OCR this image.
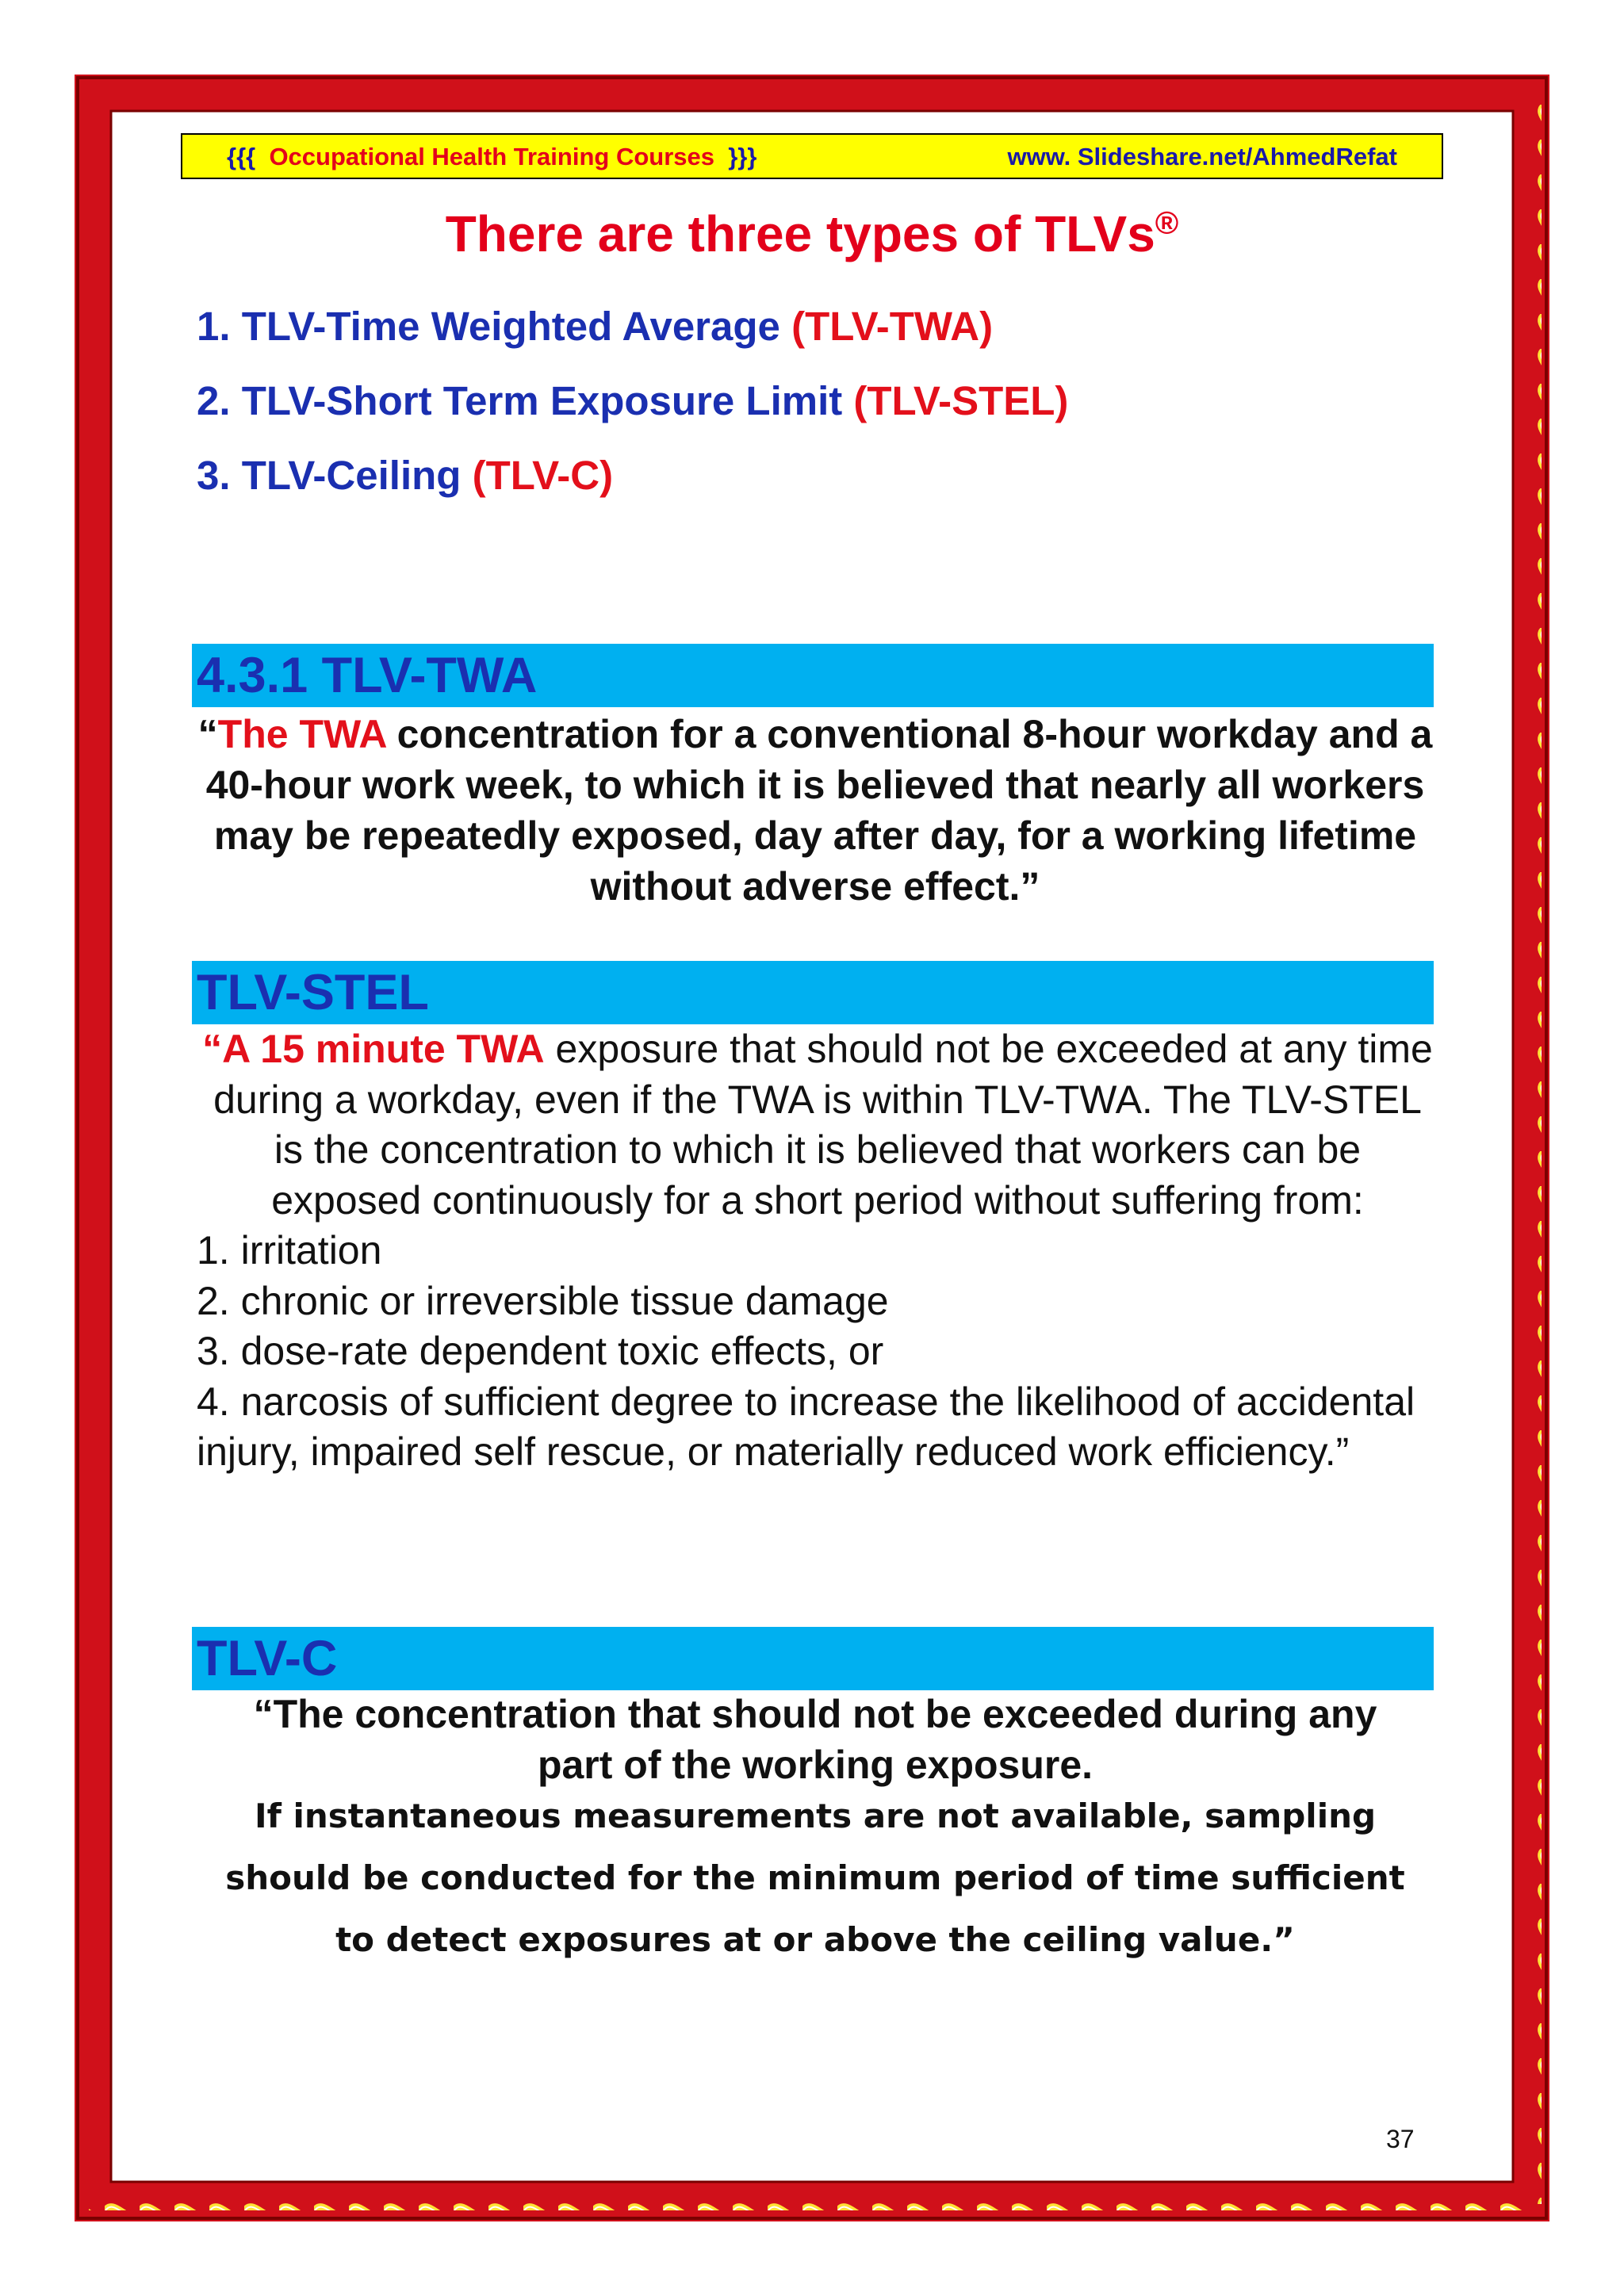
{{{ Occupational Health Training Courses }}}	www. Slideshare.net/AhmedRefat
There are three types of TLVs®
1. TLV-Time Weighted Average (TLV-TWA)
2. TLV-Short Term Exposure Limit (TLV-STEL)
3. TLV-Ceiling (TLV-C)
4.3.1 TLV-TWA
“The TWA concentration for a conventional 8-hour workday and a 40-hour work week, to which it is believed that nearly all workers may be repeatedly exposed, day after day, for a working lifetime without adverse effect.”
TLV-STEL
“A 15 minute TWA exposure that should not be exceeded at any time during a workday, even if the TWA is within TLV-TWA. The TLV-STEL is the concentration to which it is believed that workers can be exposed continuously for a short period without suffering from:
1. irritation
2. chronic or irreversible tissue damage
3. dose-rate dependent toxic effects, or
4. narcosis of sufficient degree to increase the likelihood of accidental injury, impaired self rescue, or materially reduced work efficiency.”
TLV-C
“The concentration that should not be exceeded during any part of the working exposure.
If instantaneous measurements are not available, sampling should be conducted for the minimum period of time sufficient to detect exposures at or above the ceiling value.”
37
